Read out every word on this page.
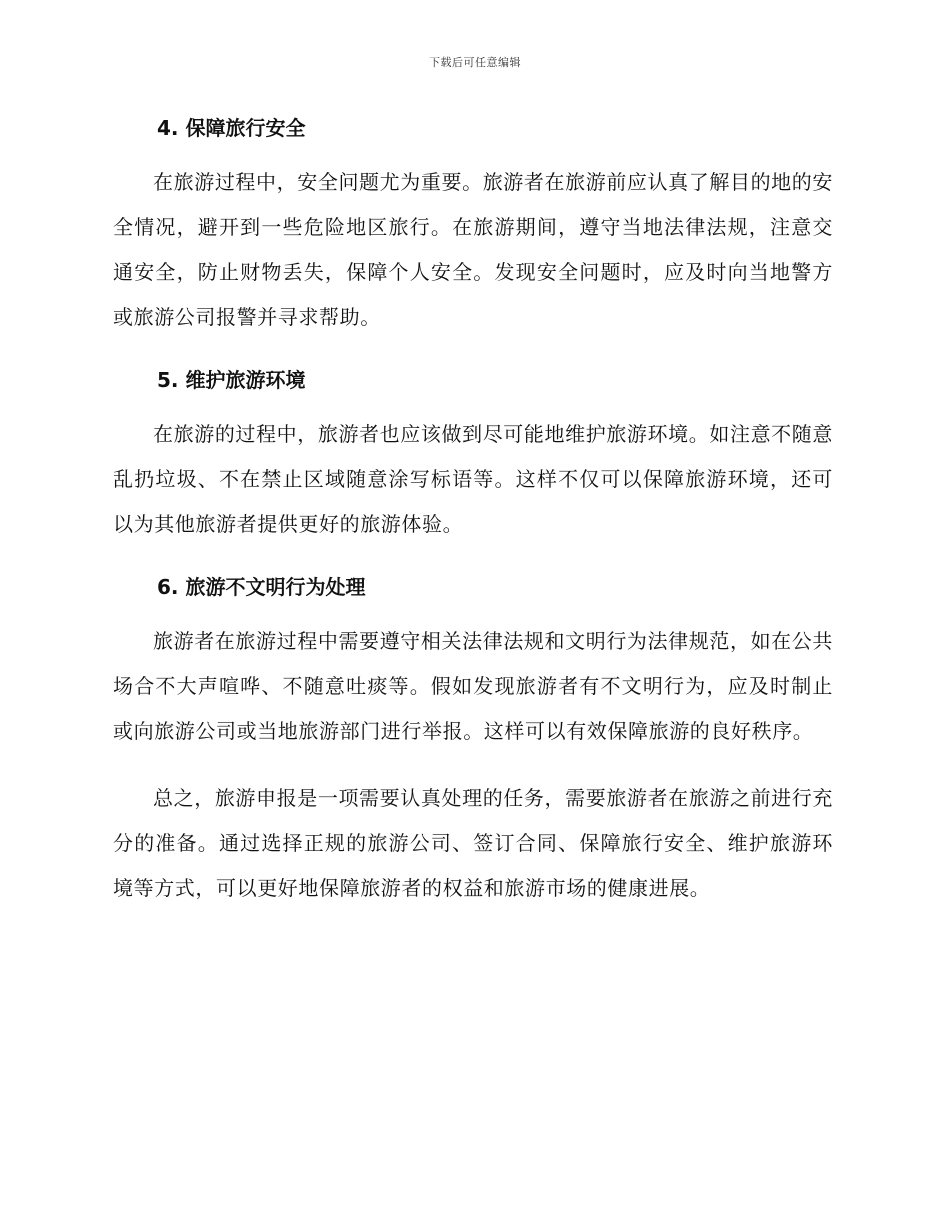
下载后可任意编辑
4. 保障旅行安全

在旅游过程中，安全问题尤为重要。旅游者在旅游前应认真了解目的地的安全情况，避开到一些危险地区旅行。在旅游期间，遵守当地法律法规，注意交通安全，防止财物丢失，保障个人安全。发现安全问题时，应及时向当地警方或旅游公司报警并寻求帮助。

5. 维护旅游环境

在旅游的过程中，旅游者也应该做到尽可能地维护旅游环境。如注意不随意乱扔垃圾、不在禁止区域随意涂写标语等。这样不仅可以保障旅游环境，还可以为其他旅游者提供更好的旅游体验。

6. 旅游不文明行为处理

旅游者在旅游过程中需要遵守相关法律法规和文明行为法律规范，如在公共场合不大声喧哗、不随意吐痰等。假如发现旅游者有不文明行为，应及时制止或向旅游公司或当地旅游部门进行举报。这样可以有效保障旅游的良好秩序。

总之，旅游申报是一项需要认真处理的任务，需要旅游者在旅游之前进行充分的准备。通过选择正规的旅游公司、签订合同、保障旅行安全、维护旅游环境等方式，可以更好地保障旅游者的权益和旅游市场的健康进展。
